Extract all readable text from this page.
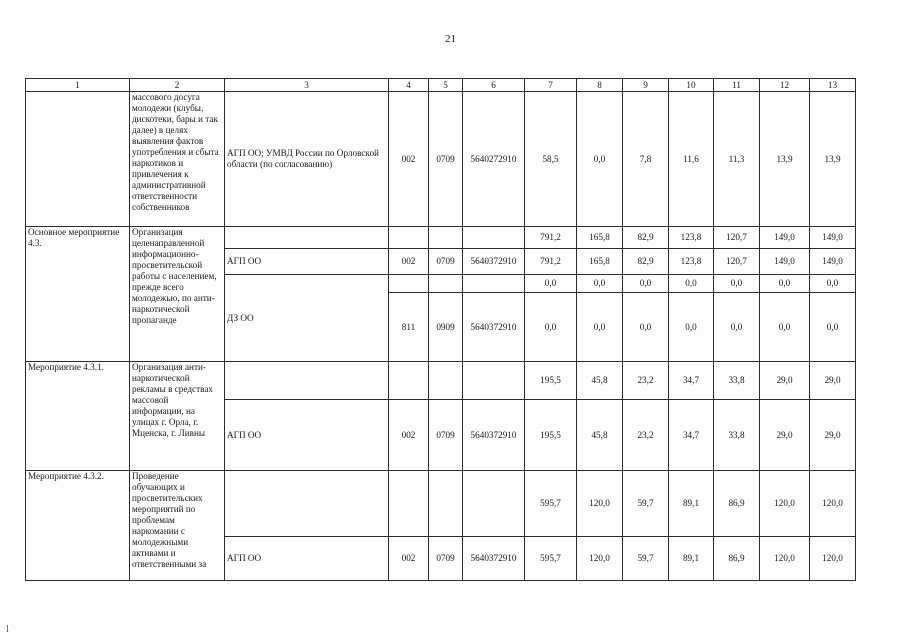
21
1	2	3	4	5	6	7	8	9	10	11	12	13
	массового досуга молодежи (клубы, дискотеки, бары и так далее) в целях выявления фактов употребления и сбыта наркотиков и привлечения к административной ответственности собственников	АГП ОО; УМВД России по Орловской области (по согласованию)	002	0709	5640272910	58,5	0,0	7,8	11,6	11,3	13,9	13,9
Основное мероприятие 4.3.	Организация целенаправленной информационно-просветительской работы с населением, прежде всего молодежью, по анти-наркотической пропаганде					791,2	165,8	82,9	123,8	120,7	149,0	149,0
		АГП ОО	002	0709	5640372910	791,2	165,8	82,9	123,8	120,7	149,0	149,0
		ДЗ ОО				0,0	0,0	0,0	0,0	0,0	0,0	0,0
			811	0909	5640372910	0,0	0,0	0,0	0,0	0,0	0,0	0,0

Мероприятие 4.3.1.	Организация анти-наркотической рекламы в средствах массовой информации, на улицах г. Орла, г. Мценска, г. Ливны					195,5	45,8	23,2	34,7	33,8	29,0	29,0
		АГП ОО	002	0709	5640372910	195,5	45,8	23,2	34,7	33,8	29,0	29,0
Мероприятие 4.3.2.	Проведение обучающих и просветительских мероприятий по проблемам наркомании с молодежными активами и ответственными за					595,7	120,0	59,7	89,1	86,9	120,0	120,0
		АГП ОО	002	0709	5640372910	595,7	120,0	59,7	89,1	86,9	120,0	120,0
l
